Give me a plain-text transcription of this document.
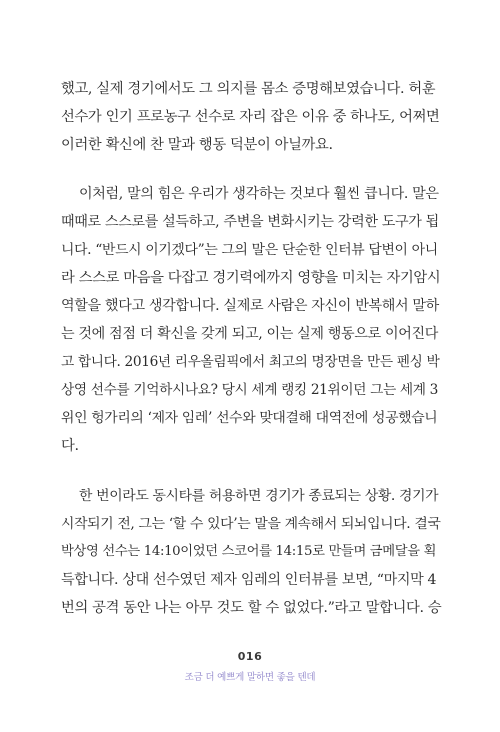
했고, 실제 경기에서도 그 의지를 몸소 증명해보였습니다. 허훈
선수가 인기 프로농구 선수로 자리 잡은 이유 중 하나도, 어쩌면
이러한 확신에 찬 말과 행동 덕분이 아닐까요.
이처럼, 말의 힘은 우리가 생각하는 것보다 훨씬 큽니다. 말은
때때로 스스로를 설득하고, 주변을 변화시키는 강력한 도구가 됩
니다. “반드시 이기겠다”는 그의 말은 단순한 인터뷰 답변이 아니
라 스스로 마음을 다잡고 경기력에까지 영향을 미치는 자기암시
역할을 했다고 생각합니다. 실제로 사람은 자신이 반복해서 말하
는 것에 점점 더 확신을 갖게 되고, 이는 실제 행동으로 이어진다
고 합니다. 2016년 리우올림픽에서 최고의 명장면을 만든 펜싱 박
상영 선수를 기억하시나요? 당시 세계 랭킹 21위이던 그는 세계 3
위인 헝가리의 ‘제자 임레’ 선수와 맞대결해 대역전에 성공했습니
다.
한 번이라도 동시타를 허용하면 경기가 종료되는 상황. 경기가
시작되기 전, 그는 ‘할 수 있다’는 말을 계속해서 되뇌입니다. 결국
박상영 선수는 14:10이었던 스코어를 14:15로 만들며 금메달을 획
득합니다. 상대 선수였던 제자 임레의 인터뷰를 보면, “마지막 4
번의 공격 동안 나는 아무 것도 할 수 없었다.”라고 말합니다. 승
016
조금 더 예쁘게 말하면 좋을 텐데
